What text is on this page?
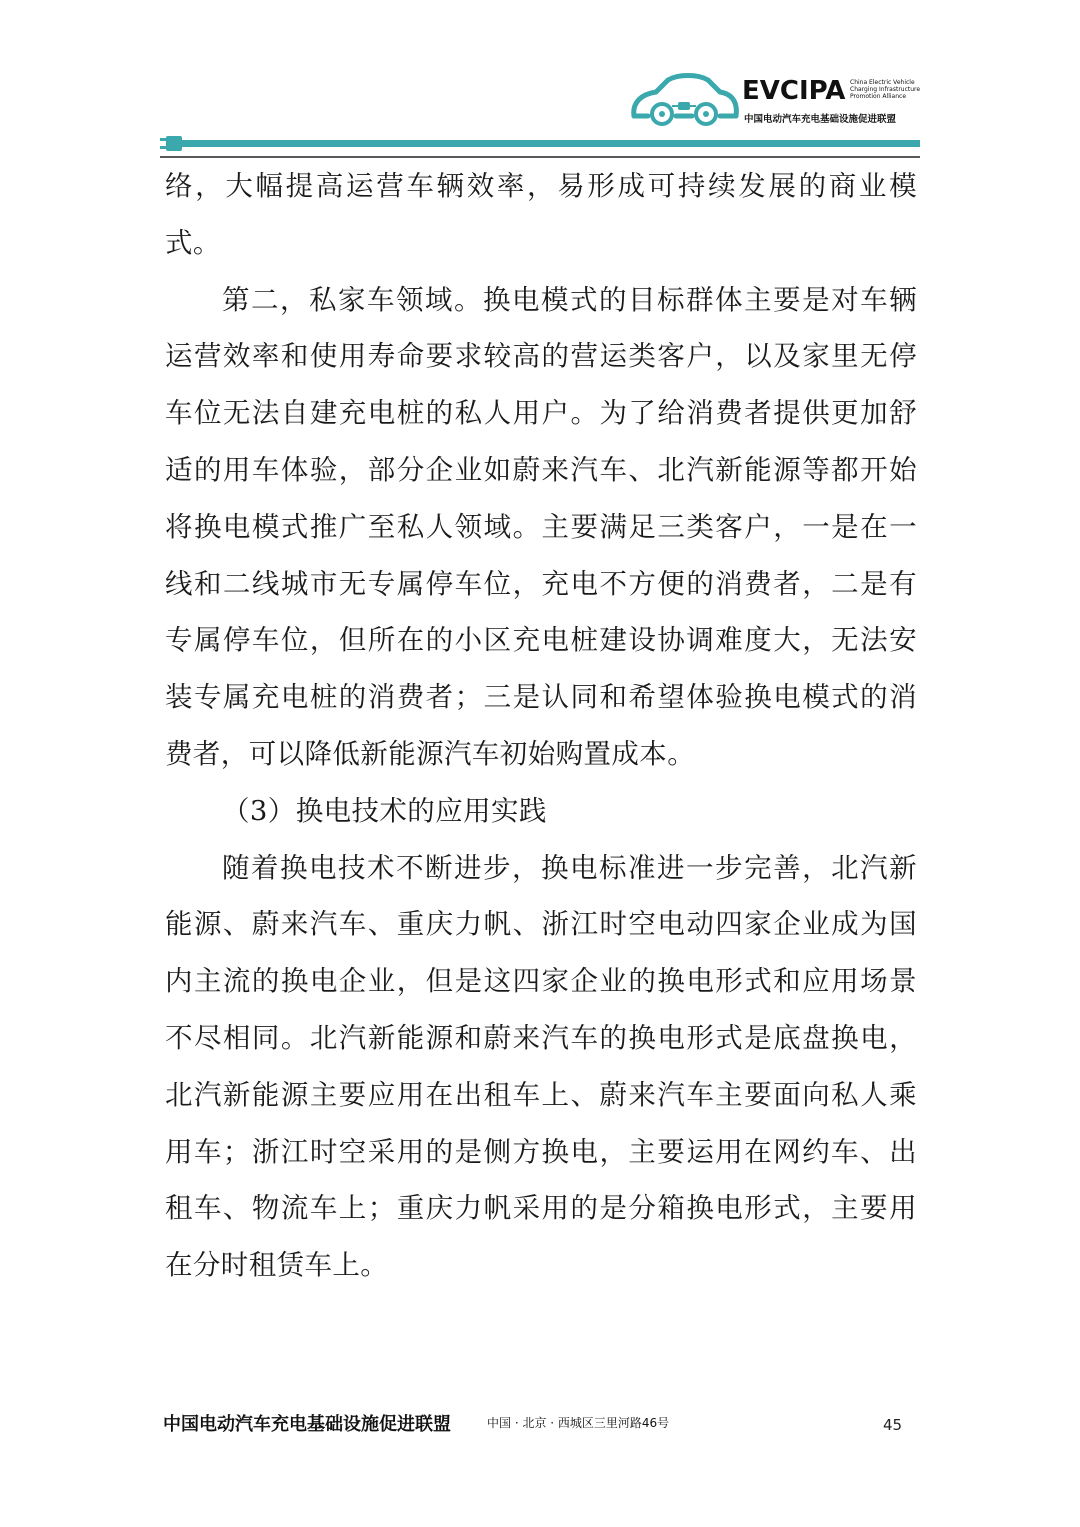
EVCIPA China Electric Vehicle
Charging Infrastructure
Promotion Alliance
中国电动汽车充电基础设施促进联盟

络，大幅提高运营车辆效率，易形成可持续发展的商业模式。

第二，私家车领域。换电模式的目标群体主要是对车辆运营效率和使用寿命要求较高的营运类客户，以及家里无停车位无法自建充电桩的私人用户。为了给消费者提供更加舒适的用车体验，部分企业如蔚来汽车、北汽新能源等都开始将换电模式推广至私人领域。主要满足三类客户，一是在一线和二线城市无专属停车位，充电不方便的消费者，二是有专属停车位，但所在的小区充电桩建设协调难度大，无法安装专属充电桩的消费者；三是认同和希望体验换电模式的消费者，可以降低新能源汽车初始购置成本。

（3）换电技术的应用实践

随着换电技术不断进步，换电标准进一步完善，北汽新能源、蔚来汽车、重庆力帆、浙江时空电动四家企业成为国内主流的换电企业，但是这四家企业的换电形式和应用场景不尽相同。北汽新能源和蔚来汽车的换电形式是底盘换电，北汽新能源主要应用在出租车上、蔚来汽车主要面向私人乘用车；浙江时空采用的是侧方换电，主要运用在网约车、出租车、物流车上；重庆力帆采用的是分箱换电形式，主要用在分时租赁车上。

中国电动汽车充电基础设施促进联盟	中国 · 北京 · 西城区三里河路46号	45
